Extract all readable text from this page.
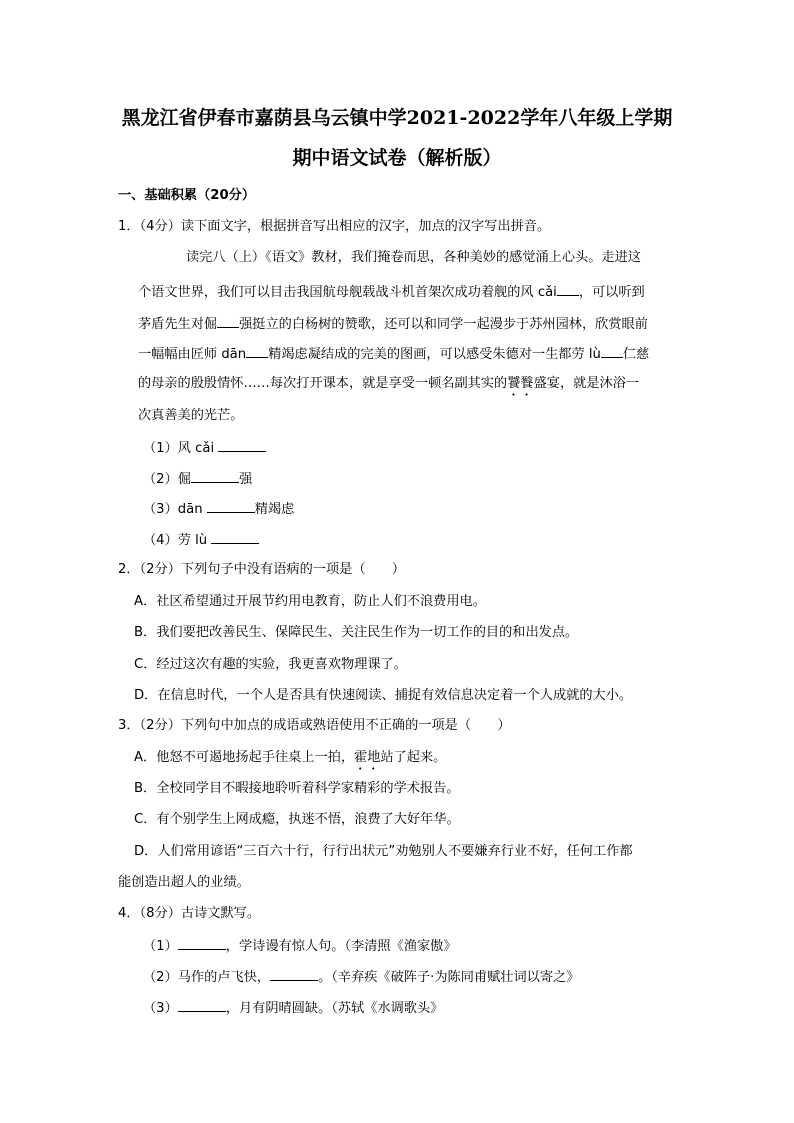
黑龙江省伊春市嘉荫县乌云镇中学2021-2022学年八年级上学期
期中语文试卷（解析版）
一、基础积累（20分）
1．（4分）读下面文字，根据拼音写出相应的汉字，加点的汉字写出拼音。
读完八（上）《语文》教材，我们掩卷而思，各种美妙的感觉涌上心头。走进这
个语文世界，我们可以目击我国航母舰载战斗机首架次成功着舰的风 cǎi ，可以听到
茅盾先生对倔 强挺立的白杨树的赞歌，还可以和同学一起漫步于苏州园林，欣赏眼前
一幅幅由匠师 dān 精竭虑凝结成的完美的图画，可以感受朱德对一生都劳 lù 仁慈
的母亲的殷殷情怀……每次打开课本，就是享受一顿名副其实的饕餮盛宴，就是沐浴一
次真善美的光芒。
（1）风 cǎi
（2）倔	强
（3）dān	精竭虑
（4）劳 lù
2．（2分）下列句子中没有语病的一项是（　　）
A．社区希望通过开展节约用电教育，防止人们不浪费用电。
B．我们要把改善民生、保障民生、关注民生作为一切工作的目的和出发点。
C．经过这次有趣的实验，我更喜欢物理课了。
D．在信息时代，一个人是否具有快速阅读、捕捉有效信息决定着一个人成就的大小。
3．（2分）下列句中加点的成语或熟语使用不正确的一项是（　　）
A．他怒不可遏地扬起手往桌上一拍，霍地站了起来。
B．全校同学目不暇接地聆听着科学家精彩的学术报告。
C．有个别学生上网成瘾，执迷不悟，浪费了大好年华。
D．人们常用谚语“三百六十行，行行出状元”劝勉别人不要嫌弃行业不好，任何工作都
能创造出超人的业绩。
4．（8分）古诗文默写。
（1）	，学诗谩有惊人句。（李清照《渔家傲》
（2）马作的卢飞快，	。（辛弃疾《破阵子·为陈同甫赋壮词以寄之》
（3）	，月有阴晴圆缺。（苏轼《水调歌头》
